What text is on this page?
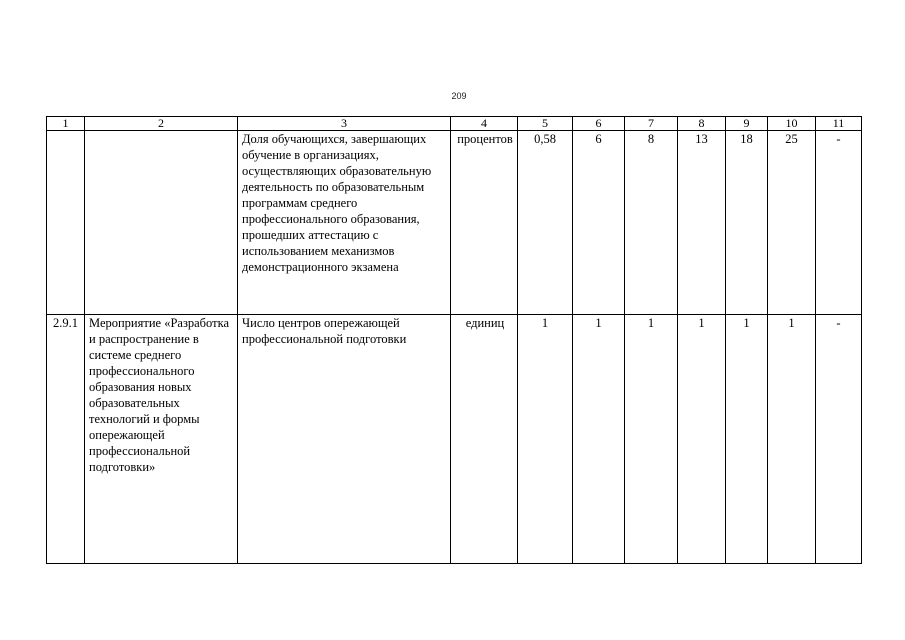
209
1	2	3	4	5	6	7	8	9	10	11
		Доля обучающихся, завершающих обучение в организациях, осуществляющих образовательную деятельность по образовательным программам среднего профессионального образования, прошедших аттестацию с использованием механизмов демонстрационного экзамена	процентов	0,58	6	8	13	18	25	-
2.9.1	Мероприятие «Разработка и распространение в системе среднего профессионального образования новых образовательных технологий и формы опережающей профессиональной подготовки»	Число центров опережающей профессиональной подготовки	единиц	1	1	1	1	1	1	-
